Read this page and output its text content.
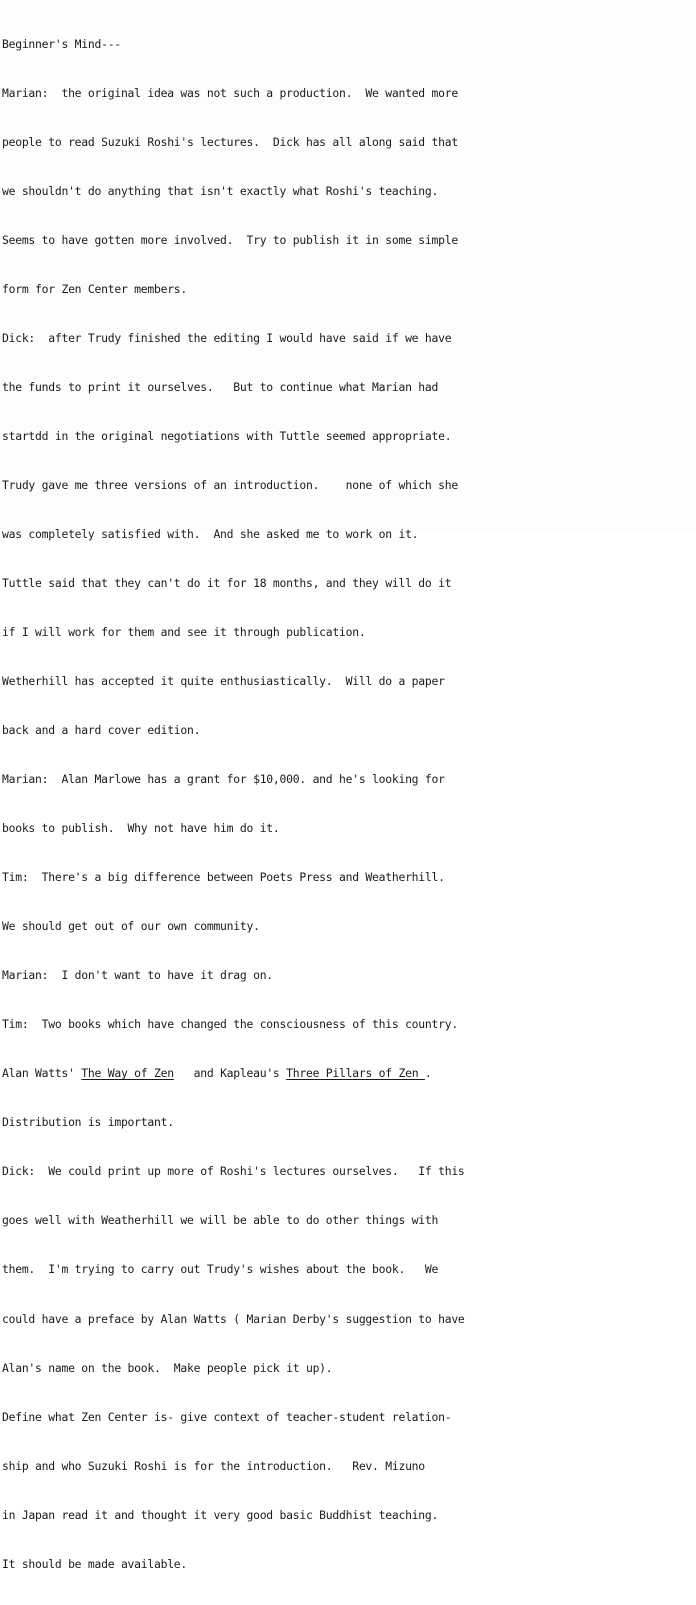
Beginner's Mind---

Marian:  the original idea was not such a production.  We wanted more

people to read Suzuki Roshi's lectures.  Dick has all along said that

we shouldn't do anything that isn't exactly what Roshi's teaching.

Seems to have gotten more involved.  Try to publish it in some simple

form for Zen Center members.

Dick:  after Trudy finished the editing I would have said if we have

the funds to print it ourselves.   But to continue what Marian had

startdd in the original negotiations with Tuttle seemed appropriate.

Trudy gave me three versions of an introduction.    none of which she

was completely satisfied with.  And she asked me to work on it.

Tuttle said that they can't do it for 18 months, and they will do it

if I will work for them and see it through publication.

Wetherhill has accepted it quite enthusiastically.  Will do a paper

back and a hard cover edition.

Marian:  Alan Marlowe has a grant for $10,000. and he's looking for

books to publish.  Why not have him do it.

Tim:  There's a big difference between Poets Press and Weatherhill.

We should get out of our own community.

Marian:  I don't want to have it drag on.

Tim:  Two books which have changed the consciousness of this country.

Alan Watts' The Way of Zen   and Kapleau's Three Pillars of Zen .

Distribution is important.

Dick:  We could print up more of Roshi's lectures ourselves.   If this

goes well with Weatherhill we will be able to do other things with

them.  I'm trying to carry out Trudy's wishes about the book.   We

could have a preface by Alan Watts ( Marian Derby's suggestion to have

Alan's name on the book.  Make people pick it up).

Define what Zen Center is- give context of teacher-student relation-

ship and who Suzuki Roshi is for the introduction.   Rev. Mizuno

in Japan read it and thought it very good basic Buddhist teaching.

It should be made available.
